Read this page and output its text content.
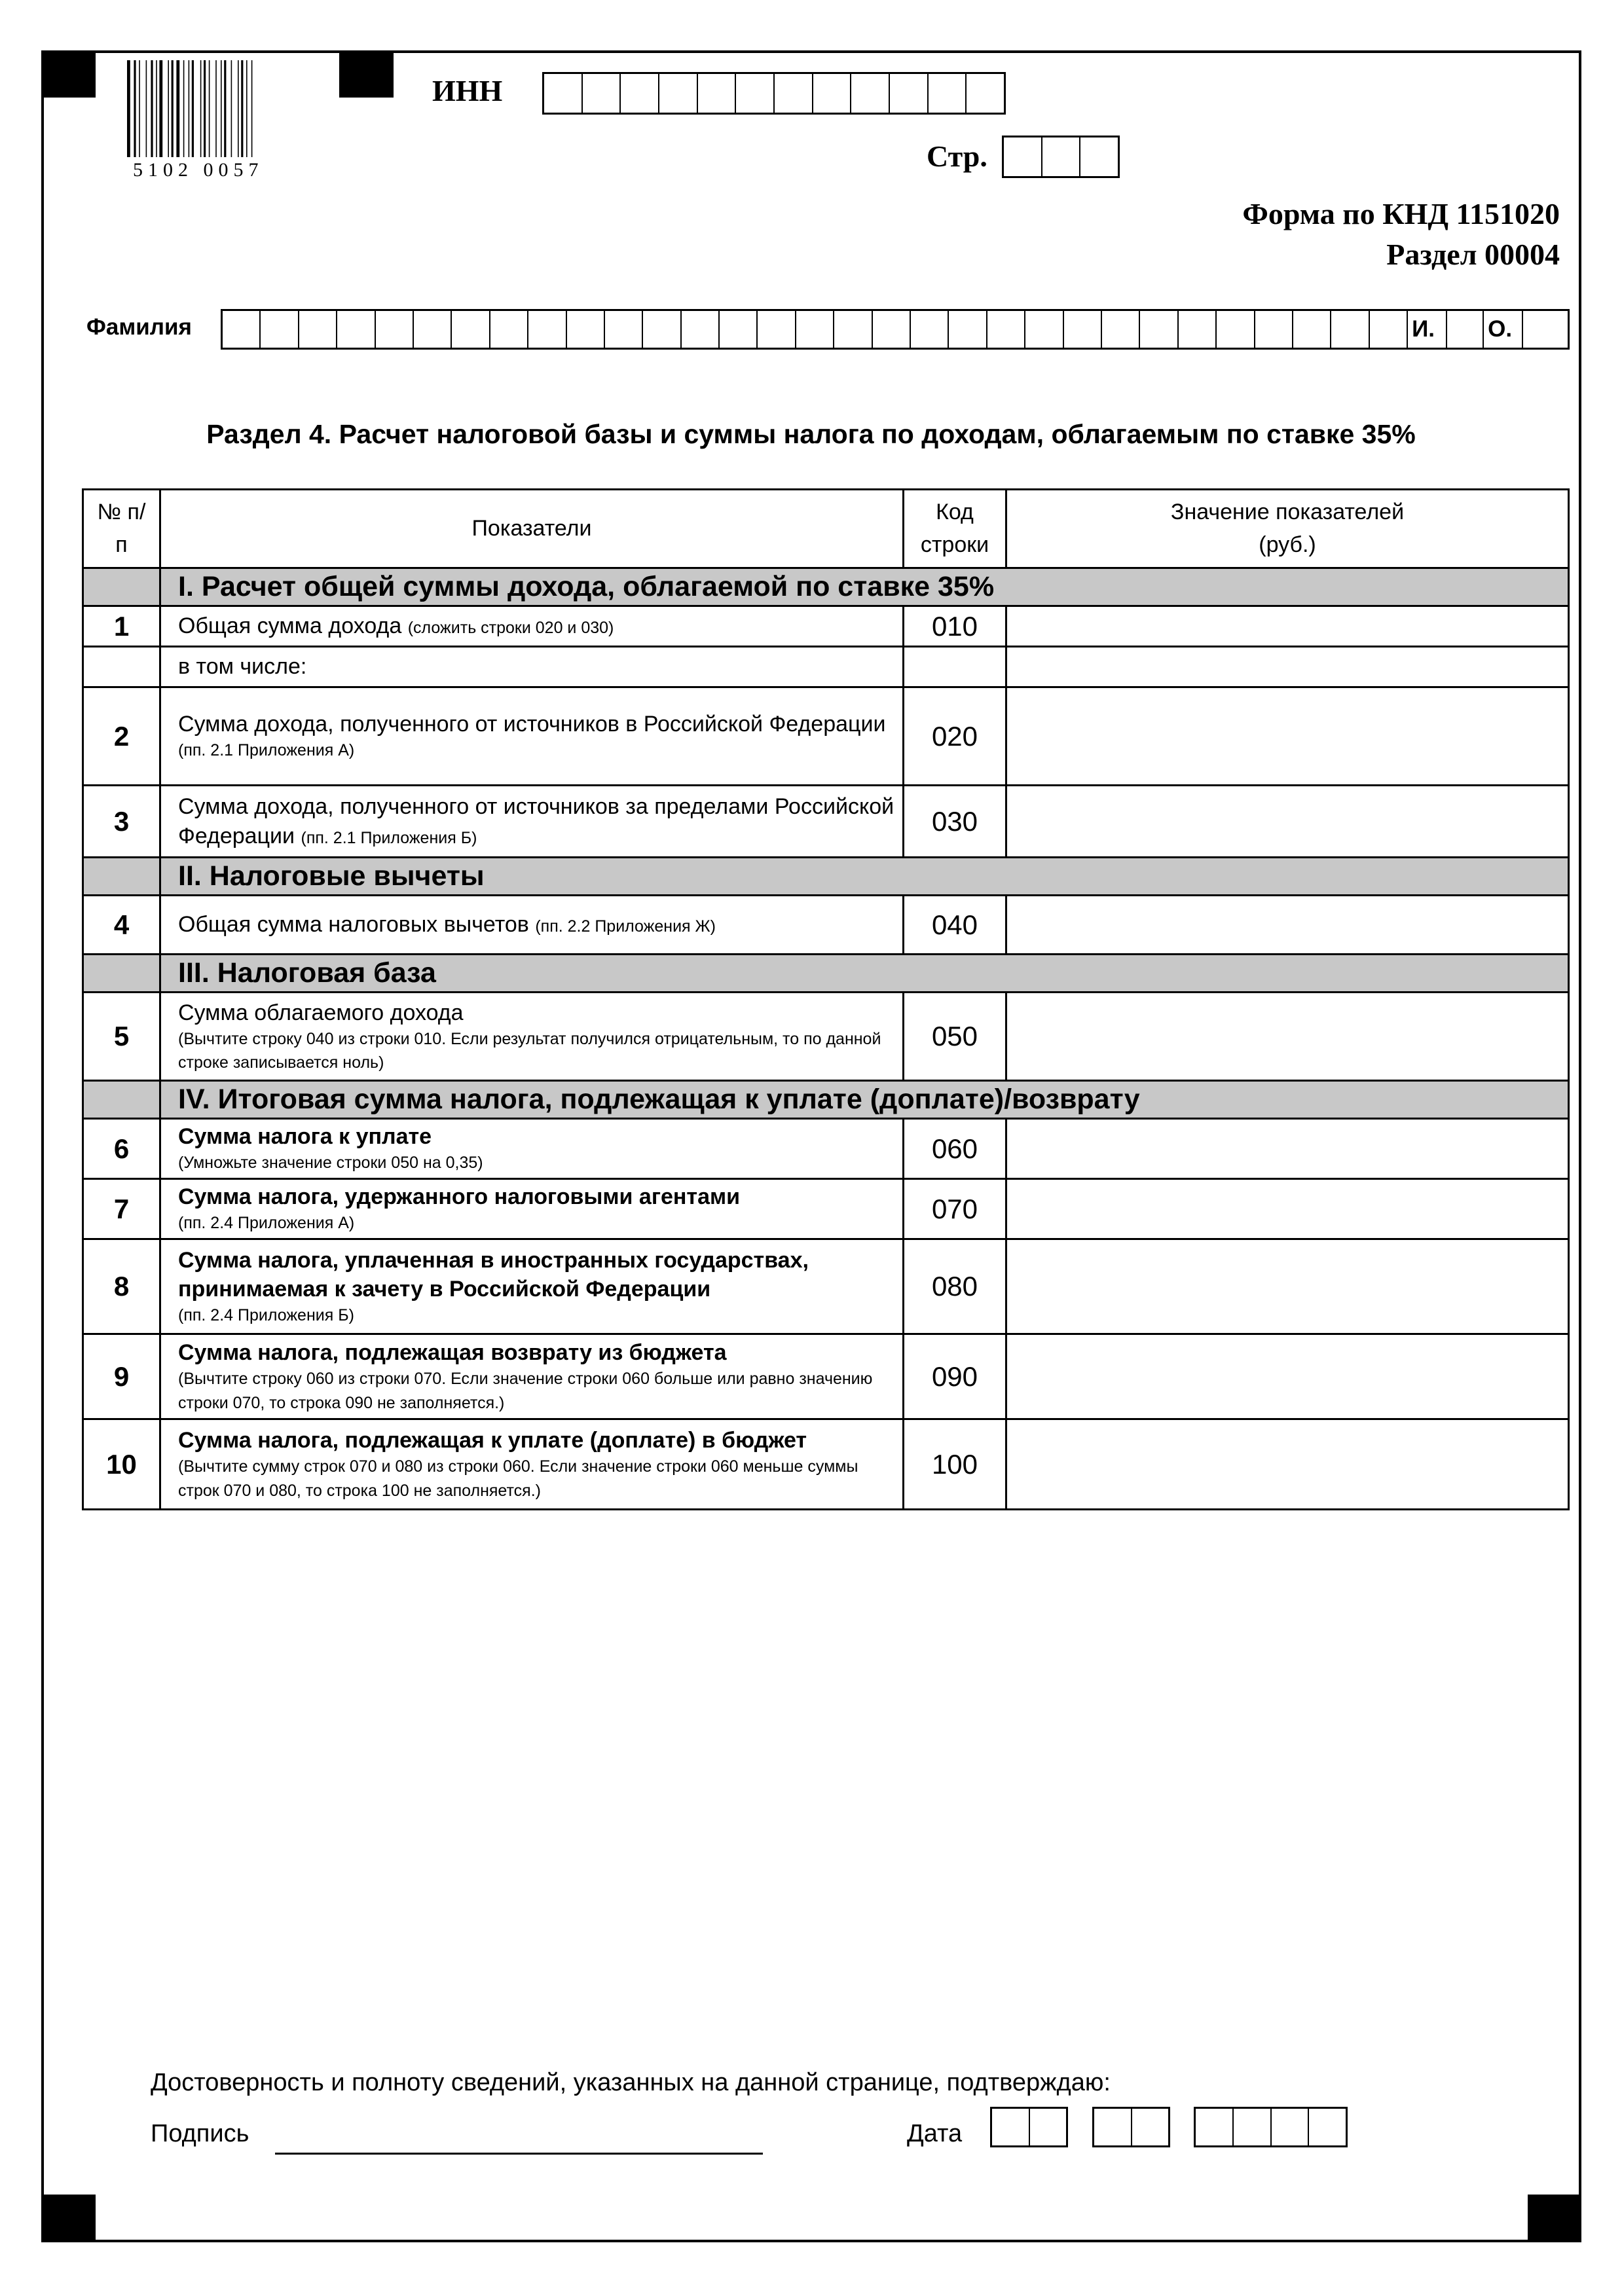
5102 0057
ИНН
Стр.
Форма по КНД 1151020
Раздел 00004
Фамилия	И.	О.
Раздел 4. Расчет налоговой базы и суммы налога по доходам, облагаемым по ставке 35%
№ п/п	Показатели	Код строки	Значение показателей (руб.)

	I. Расчет общей суммы дохода, облагаемой по ставке 35%		
1	Общая сумма дохода (сложить строки 020 и 030)	010	
	в том числе:		
2	Сумма дохода, полученного от источников в Российской Федерации
(пп. 2.1 Приложения А)	020	
3	Сумма дохода, полученного от источников за пределами Российской Федерации (пп. 2.1 Приложения Б)	030	
	II. Налоговые вычеты		
4	Общая сумма налоговых вычетов (пп. 2.2 Приложения Ж)	040	
	III. Налоговая база		
5	Сумма облагаемого дохода
(Вычтите строку 040 из строки 010. Если результат получился отрицательным, то по данной строке записывается ноль)	050	
	IV. Итоговая сумма налога, подлежащая к уплате (доплате)/возврату		
6	Сумма налога к уплате
(Умножьте значение строки 050 на 0,35)	060	
7	Сумма налога, удержанного налоговыми агентами
(пп. 2.4 Приложения А)	070	
8	Сумма налога, уплаченная в иностранных государствах, принимаемая к зачету в Российской Федерации
(пп. 2.4 Приложения Б)	080	
9	Сумма налога, подлежащая возврату из бюджета
(Вычтите строку 060 из строки 070. Если значение строки 060 больше или равно значению строки 070, то строка 090 не заполняется.)	090	
10	Сумма налога, подлежащая к уплате (доплате) в бюджет
(Вычтите сумму строк 070 и 080 из строки 060. Если значение строки 060 меньше суммы строк 070 и 080, то строка 100 не заполняется.)	100	
Достоверность и полноту сведений, указанных на данной странице, подтверждаю:
Подпись	Дата
